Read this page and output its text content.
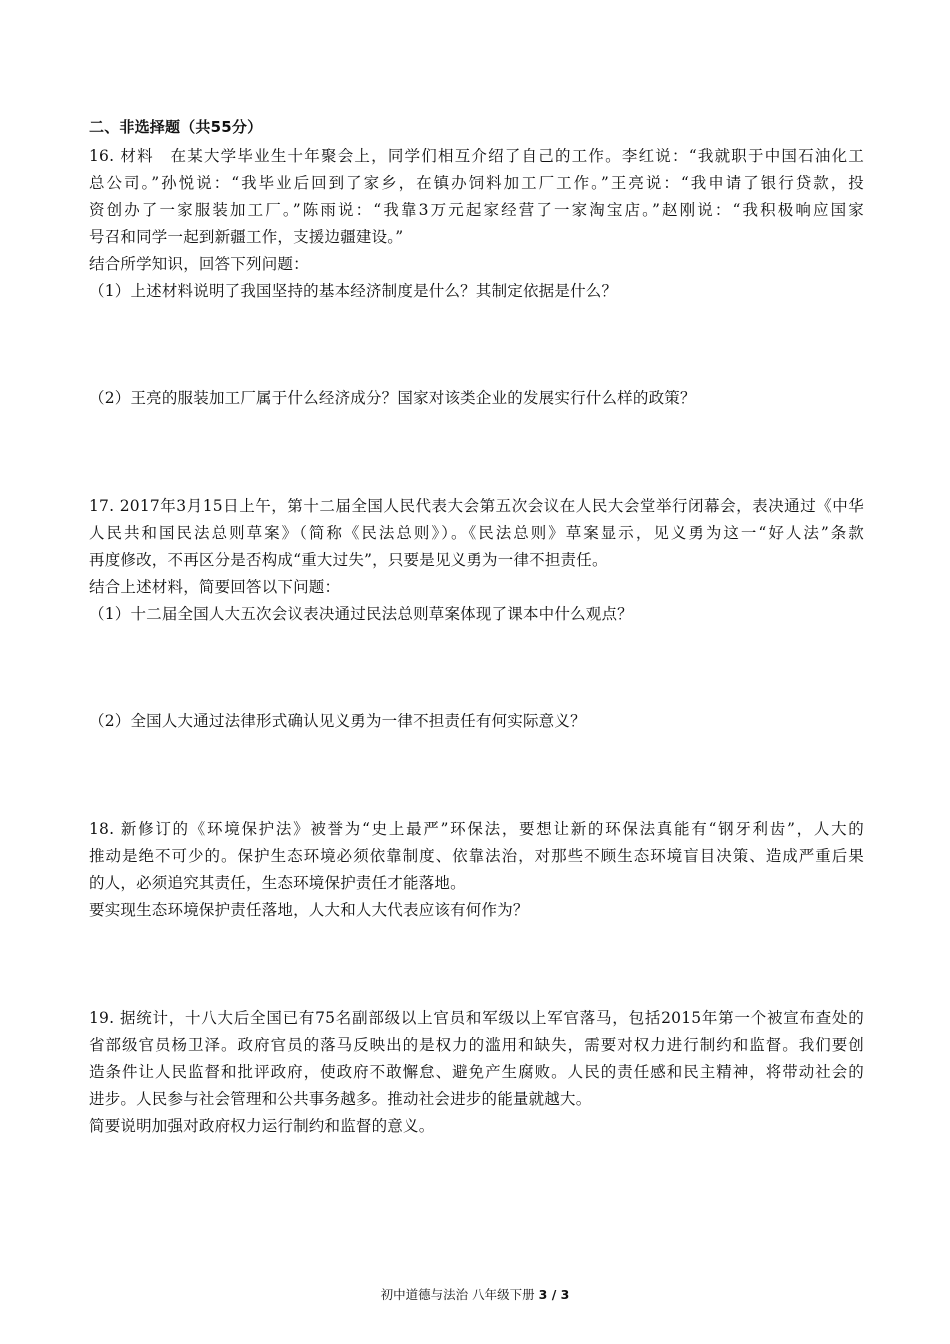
二、非选择题（共55分）
16. 材料　在某大学毕业生十年聚会上，同学们相互介绍了自己的工作。李红说：“我就职于中国石油化工
总公司。”孙悦说：“我毕业后回到了家乡，在镇办饲料加工厂工作。”王亮说：“我申请了银行贷款，投
资创办了一家服装加工厂。”陈雨说：“我靠3万元起家经营了一家淘宝店。”赵刚说：“我积极响应国家
号召和同学一起到新疆工作，支援边疆建设。”
结合所学知识，回答下列问题：
（1）上述材料说明了我国坚持的基本经济制度是什么？其制定依据是什么？
（2）王亮的服装加工厂属于什么经济成分？国家对该类企业的发展实行什么样的政策？
17. 2017年3月15日上午，第十二届全国人民代表大会第五次会议在人民大会堂举行闭幕会，表决通过《中华
人民共和国民法总则草案》（简称《民法总则》）。《民法总则》草案显示，见义勇为这一“好人法”条款
再度修改，不再区分是否构成“重大过失”，只要是见义勇为一律不担责任。
结合上述材料，简要回答以下问题：
（1）十二届全国人大五次会议表决通过民法总则草案体现了课本中什么观点？
（2）全国人大通过法律形式确认见义勇为一律不担责任有何实际意义？
18. 新修订的《环境保护法》被誉为“史上最严”环保法，要想让新的环保法真能有“钢牙利齿”，人大的
推动是绝不可少的。保护生态环境必须依靠制度、依靠法治，对那些不顾生态环境盲目决策、造成严重后果
的人，必须追究其责任，生态环境保护责任才能落地。
要实现生态环境保护责任落地，人大和人大代表应该有何作为？
19. 据统计，十八大后全国已有75名副部级以上官员和军级以上军官落马，包括2015年第一个被宣布查处的
省部级官员杨卫泽。政府官员的落马反映出的是权力的滥用和缺失，需要对权力进行制约和监督。我们要创
造条件让人民监督和批评政府，使政府不敢懈怠、避免产生腐败。人民的责任感和民主精神，将带动社会的
进步。人民参与社会管理和公共事务越多。推动社会进步的能量就越大。
简要说明加强对政府权力运行制约和监督的意义。
初中道德与法治 八年级下册 3 / 3
